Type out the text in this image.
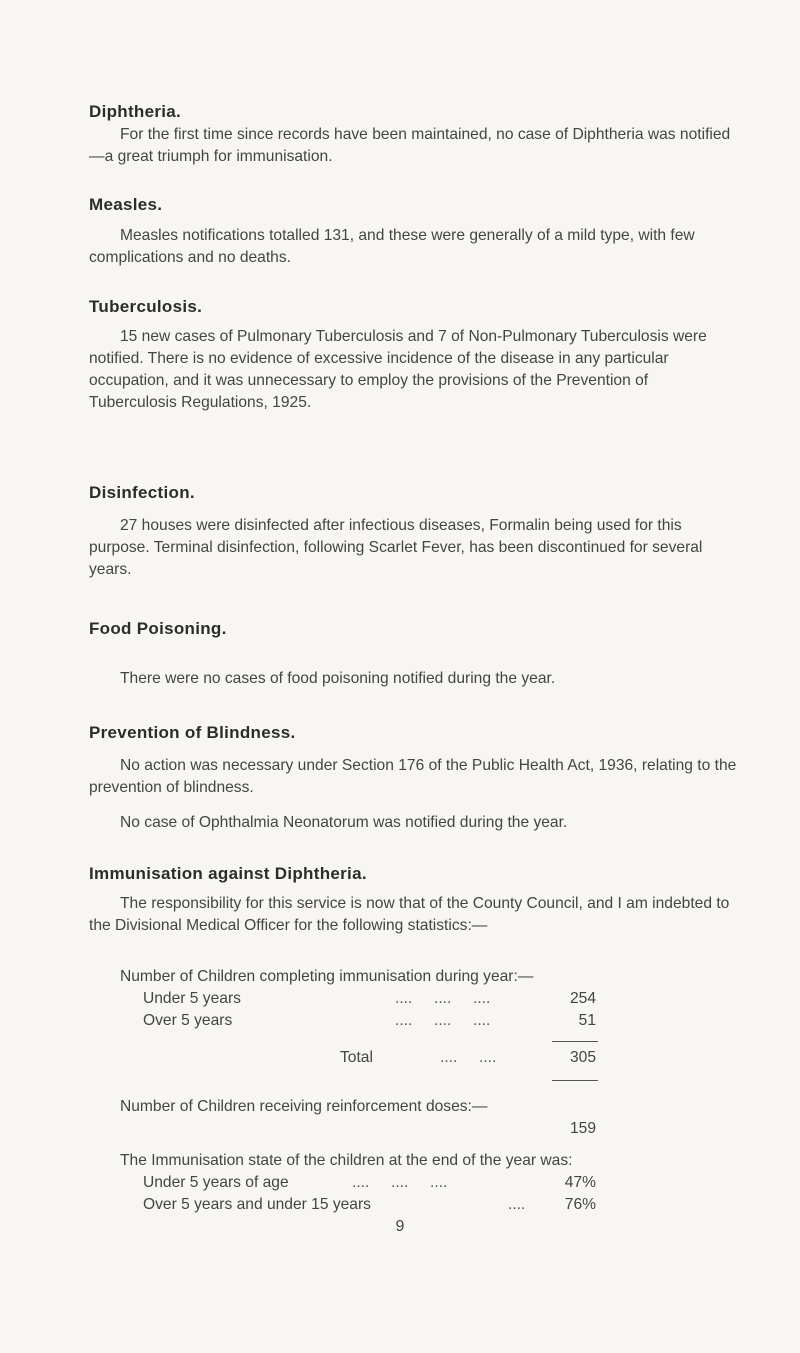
Diphtheria.

For the first time since records have been maintained, no case of Diphtheria was notified—a great triumph for immunisation.

Measles.

Measles notifications totalled 131, and these were generally of a mild type, with few complications and no deaths.

Tuberculosis.

15 new cases of Pulmonary Tuberculosis and 7 of Non-Pulmonary Tuberculosis were notified. There is no evidence of excessive incidence of the disease in any particular occupation, and it was unnecessary to employ the provisions of the Prevention of Tuberculosis Regulations, 1925.

Disinfection.

27 houses were disinfected after infectious diseases, Formalin being used for this purpose. Terminal disinfection, following Scarlet Fever, has been discontinued for several years.

Food Poisoning.

There were no cases of food poisoning notified during the year.

Prevention of Blindness.

No action was necessary under Section 176 of the Public Health Act, 1936, relating to the prevention of blindness.

No case of Ophthalmia Neonatorum was notified during the year.

Immunisation against Diphtheria.

The responsibility for this service is now that of the County Council, and I am indebted to the Divisional Medical Officer for the following statistics:—

Number of Children completing immunisation during year:—
Under 5 years	....     ....     ....	254
Over 5 years	....     ....     ....	51
Total	....     ....	305
Number of Children receiving reinforcement doses:—
159
The Immunisation state of the children at the end of the year was:
Under 5 years of age	....     ....     ....	47%
Over 5 years and under 15 years	....	76%
9
